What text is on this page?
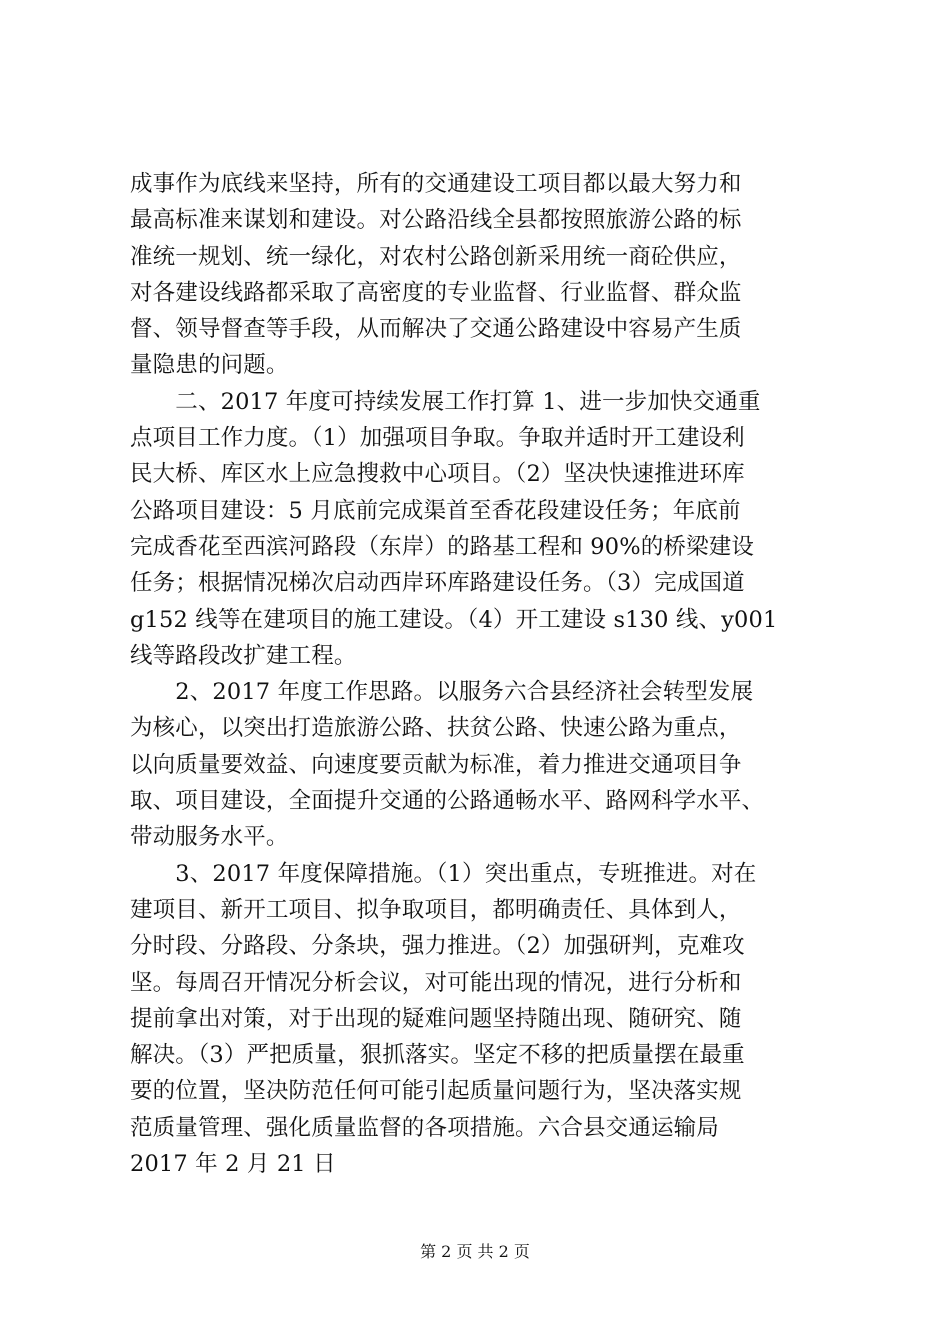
成事作为底线来坚持，所有的交通建设工项目都以最大努力和
最高标准来谋划和建设。对公路沿线全县都按照旅游公路的标
准统一规划、统一绿化，对农村公路创新采用统一商砼供应，
对各建设线路都采取了高密度的专业监督、行业监督、群众监
督、领导督查等手段，从而解决了交通公路建设中容易产生质
量隐患的问题。
　　二、2017 年度可持续发展工作打算 1、进一步加快交通重
点项目工作力度。（1）加强项目争取。争取并适时开工建设利
民大桥、库区水上应急搜救中心项目。（2）坚决快速推进环库
公路项目建设：5 月底前完成渠首至香花段建设任务；年底前
完成香花至西滨河路段（东岸）的路基工程和 90%的桥梁建设
任务；根据情况梯次启动西岸环库路建设任务。（3）完成国道
g152 线等在建项目的施工建设。（4）开工建设 s130 线、y001
线等路段改扩建工程。
　　2、2017 年度工作思路。以服务六合县经济社会转型发展
为核心，以突出打造旅游公路、扶贫公路、快速公路为重点，
以向质量要效益、向速度要贡献为标准，着力推进交通项目争
取、项目建设，全面提升交通的公路通畅水平、路网科学水平、
带动服务水平。
　　3、2017 年度保障措施。（1）突出重点，专班推进。对在
建项目、新开工项目、拟争取项目，都明确责任、具体到人，
分时段、分路段、分条块，强力推进。（2）加强研判，克难攻
坚。每周召开情况分析会议，对可能出现的情况，进行分析和
提前拿出对策，对于出现的疑难问题坚持随出现、随研究、随
解决。（3）严把质量，狠抓落实。坚定不移的把质量摆在最重
要的位置，坚决防范任何可能引起质量问题行为，坚决落实规
范质量管理、强化质量监督的各项措施。六合县交通运输局
2017 年 2 月 21 日
第 2 页 共 2 页
